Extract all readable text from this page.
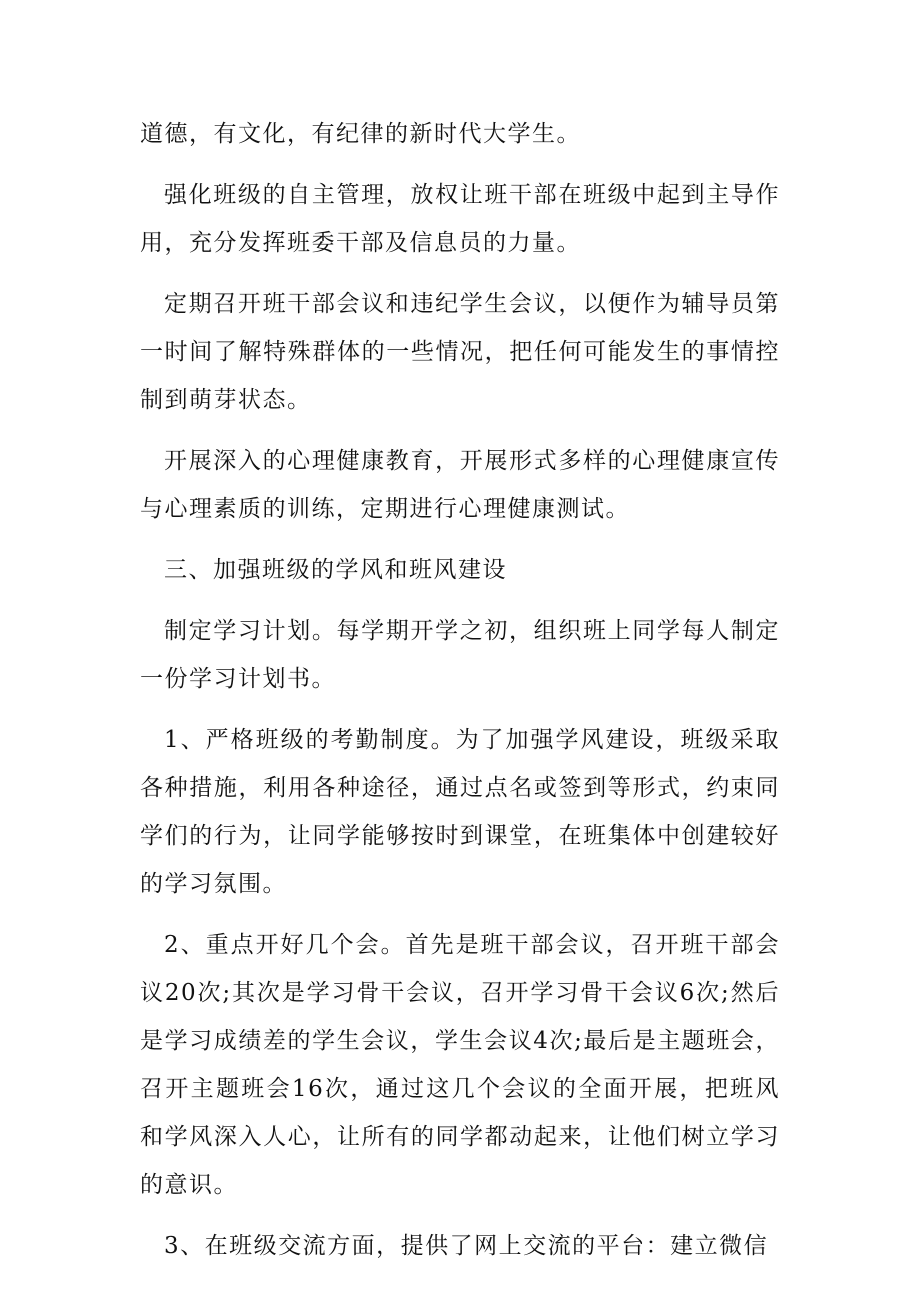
道德，有文化，有纪律的新时代大学生。

强化班级的自主管理，放权让班干部在班级中起到主导作用，充分发挥班委干部及信息员的力量。

定期召开班干部会议和违纪学生会议，以便作为辅导员第一时间了解特殊群体的一些情况，把任何可能发生的事情控制到萌芽状态。

开展深入的心理健康教育，开展形式多样的心理健康宣传与心理素质的训练，定期进行心理健康测试。

三、加强班级的学风和班风建设

制定学习计划。每学期开学之初，组织班上同学每人制定一份学习计划书。

1、严格班级的考勤制度。为了加强学风建设，班级采取各种措施，利用各种途径，通过点名或签到等形式，约束同学们的行为，让同学能够按时到课堂，在班集体中创建较好的学习氛围。

2、重点开好几个会。首先是班干部会议，召开班干部会议20次;其次是学习骨干会议，召开学习骨干会议6次;然后是学习成绩差的学生会议，学生会议4次;最后是主题班会，召开主题班会16次，通过这几个会议的全面开展，把班风和学风深入人心，让所有的同学都动起来，让他们树立学习的意识。

3、在班级交流方面，提供了网上交流的平台：建立微信
